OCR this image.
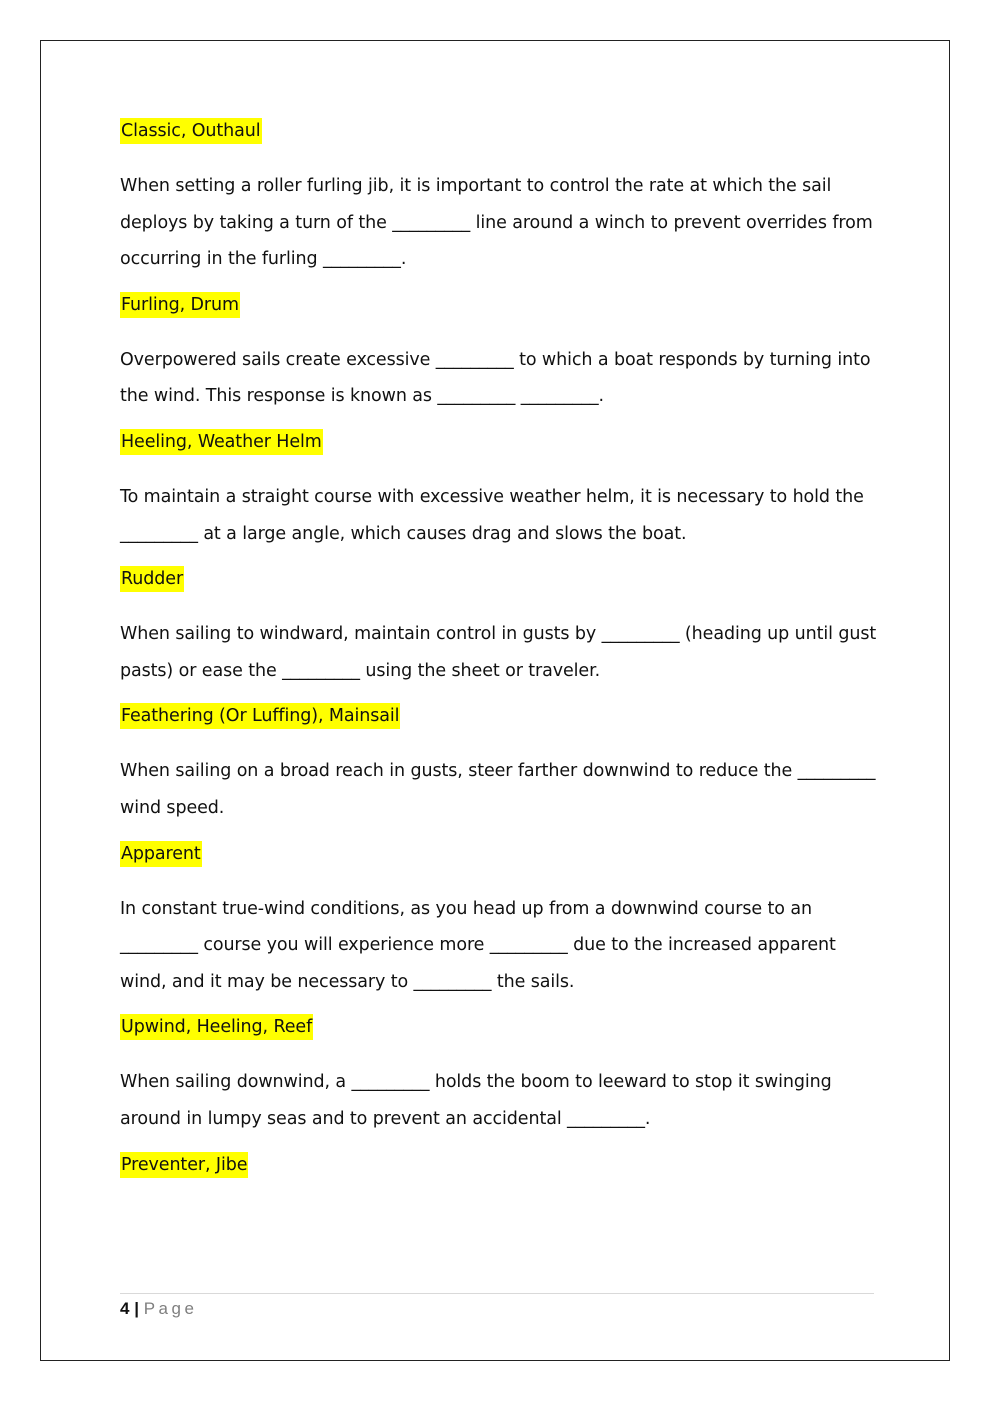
Classic, Outhaul

When setting a roller furling jib, it is important to control the rate at which the sail deploys by taking a turn of the _________ line around a winch to prevent overrides from occurring in the furling _________.

Furling, Drum

Overpowered sails create excessive _________ to which a boat responds by turning into the wind. This response is known as _________ _________.

Heeling, Weather Helm

To maintain a straight course with excessive weather helm, it is necessary to hold the _________ at a large angle, which causes drag and slows the boat.

Rudder

When sailing to windward, maintain control in gusts by _________ (heading up until gust pasts) or ease the _________ using the sheet or traveler.

Feathering (Or Luffing), Mainsail

When sailing on a broad reach in gusts, steer farther downwind to reduce the _________ wind speed.

Apparent

In constant true-wind conditions, as you head up from a downwind course to an _________ course you will experience more _________ due to the increased apparent wind, and it may be necessary to _________ the sails.

Upwind, Heeling, Reef

When sailing downwind, a _________ holds the boom to leeward to stop it swinging around in lumpy seas and to prevent an accidental _________.

Preventer, Jibe
4 | Page
